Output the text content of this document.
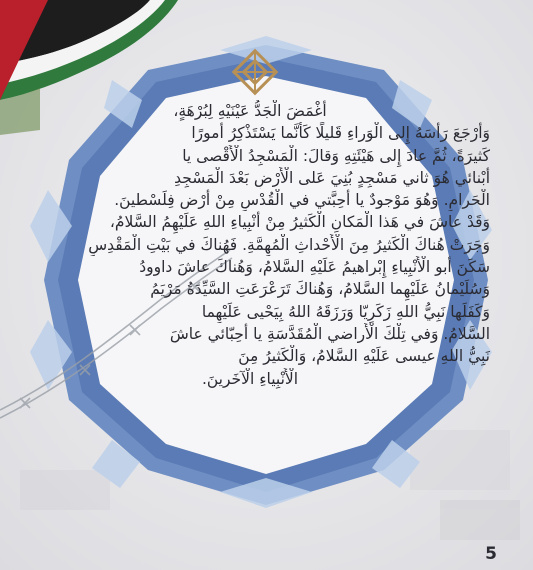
أَغْمَضَ الْجَدُّ عَيْنَيْهِ لِبُرْهَةٍ،
وَأَرْجَعَ رَأْسَهُ إِلى الْوَراءِ قَليلًا كَأَنَّما يَسْتَذْكِرُ أُمورًا
كَثيرَةً، ثُمَّ عادَ إِلى هَيْئَتِهِ وَقالَ: الْمَسْجِدُ الْأَقْصى يا
أَبْنائي هُوَ ثاني مَسْجِدٍ بُنِيَ عَلى الْأَرْضِ بَعْدَ الْمَسْجِدِ
الْحَرامِ. وَهُوَ مَوْجودٌ يا أَحِبَّتي في الْقُدْسِ مِنْ أَرْضِ فِلَسْطينَ.
وَقَدْ عاشَ في هَذا الْمَكانِ الْكَثيرُ مِنْ أَنْبِياءِ اللهِ عَلَيْهِمُ السَّلامُ،
وَجَرَتْ هُناكَ الْكَثيرُ مِنَ الْأَحْداثِ الْمُهِمَّةِ. فَهُناكَ في بَيْتِ الْمَقْدِسِ
سَكَنَ أَبو الْأَنْبِياءِ إِبْراهيمُ عَلَيْهِ السَّلامُ، وَهُناكَ عاشَ داوودُ
وَسُلَيْمانُ عَلَيْهِما السَّلامُ، وَهُناكَ تَرَعْرَعَتِ السَّيِّدَةُ مَرْيَمُ
وَكَفَلَها نَبِيُّ اللهِ زَكَرِيّا وَرَزَقَهُ اللهُ بِيَحْيى عَلَيْهِما
السَّلامُ. وَفي تِلْكَ الْأَراضي الْمُقَدَّسَةِ يا أَحِبّائي عاشَ
نَبِيُّ اللهِ عيسى عَلَيْهِ السَّلامُ، وَالْكَثيرُ مِنَ
الْأَنْبِياءِ الْآخَرينَ.
5
